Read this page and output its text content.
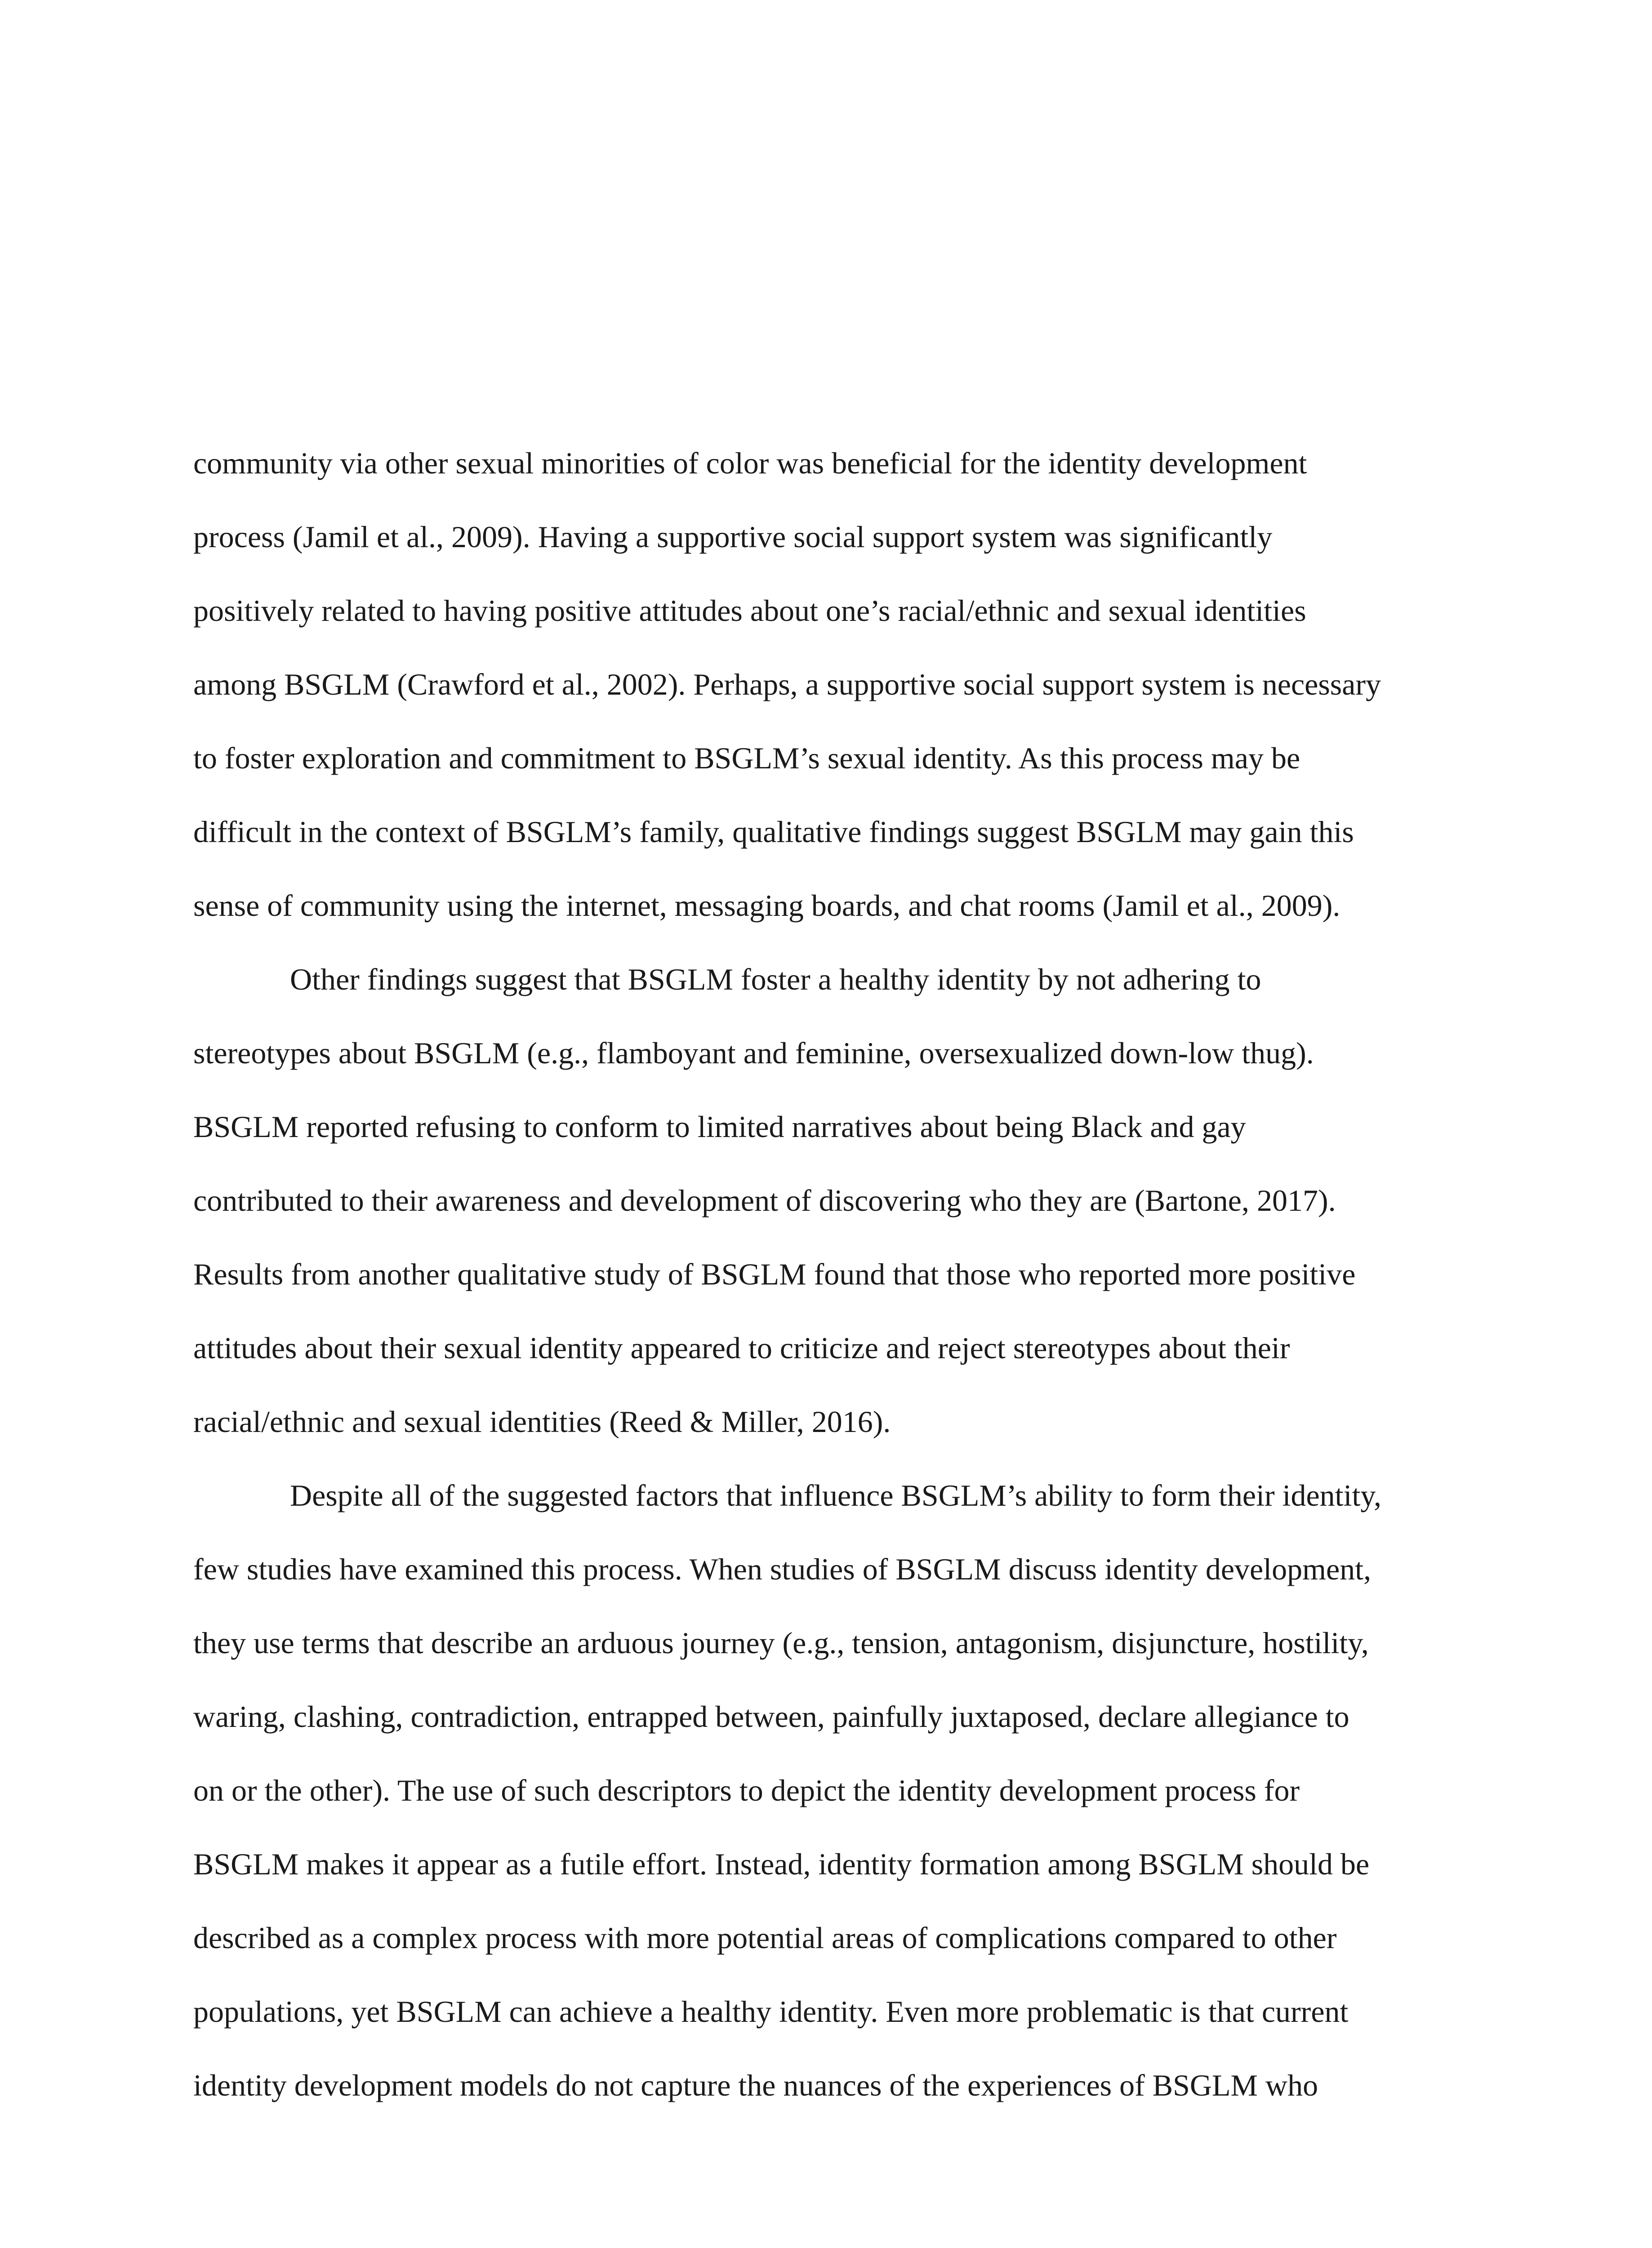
community via other sexual minorities of color was beneficial for the identity development
process (Jamil et al., 2009). Having a supportive social support system was significantly
positively related to having positive attitudes about one’s racial/ethnic and sexual identities
among BSGLM (Crawford et al., 2002). Perhaps, a supportive social support system is necessary
to foster exploration and commitment to BSGLM’s sexual identity. As this process may be
difficult in the context of BSGLM’s family, qualitative findings suggest BSGLM may gain this
sense of community using the internet, messaging boards, and chat rooms (Jamil et al., 2009).
Other findings suggest that BSGLM foster a healthy identity by not adhering to
stereotypes about BSGLM (e.g., flamboyant and feminine, oversexualized down-low thug).
BSGLM reported refusing to conform to limited narratives about being Black and gay
contributed to their awareness and development of discovering who they are (Bartone, 2017).
Results from another qualitative study of BSGLM found that those who reported more positive
attitudes about their sexual identity appeared to criticize and reject stereotypes about their
racial/ethnic and sexual identities (Reed & Miller, 2016).
Despite all of the suggested factors that influence BSGLM’s ability to form their identity,
few studies have examined this process. When studies of BSGLM discuss identity development,
they use terms that describe an arduous journey (e.g., tension, antagonism, disjuncture, hostility,
waring, clashing, contradiction, entrapped between, painfully juxtaposed, declare allegiance to
on or the other). The use of such descriptors to depict the identity development process for
BSGLM makes it appear as a futile effort. Instead, identity formation among BSGLM should be
described as a complex process with more potential areas of complications compared to other
populations, yet BSGLM can achieve a healthy identity. Even more problematic is that current
identity development models do not capture the nuances of the experiences of BSGLM who
